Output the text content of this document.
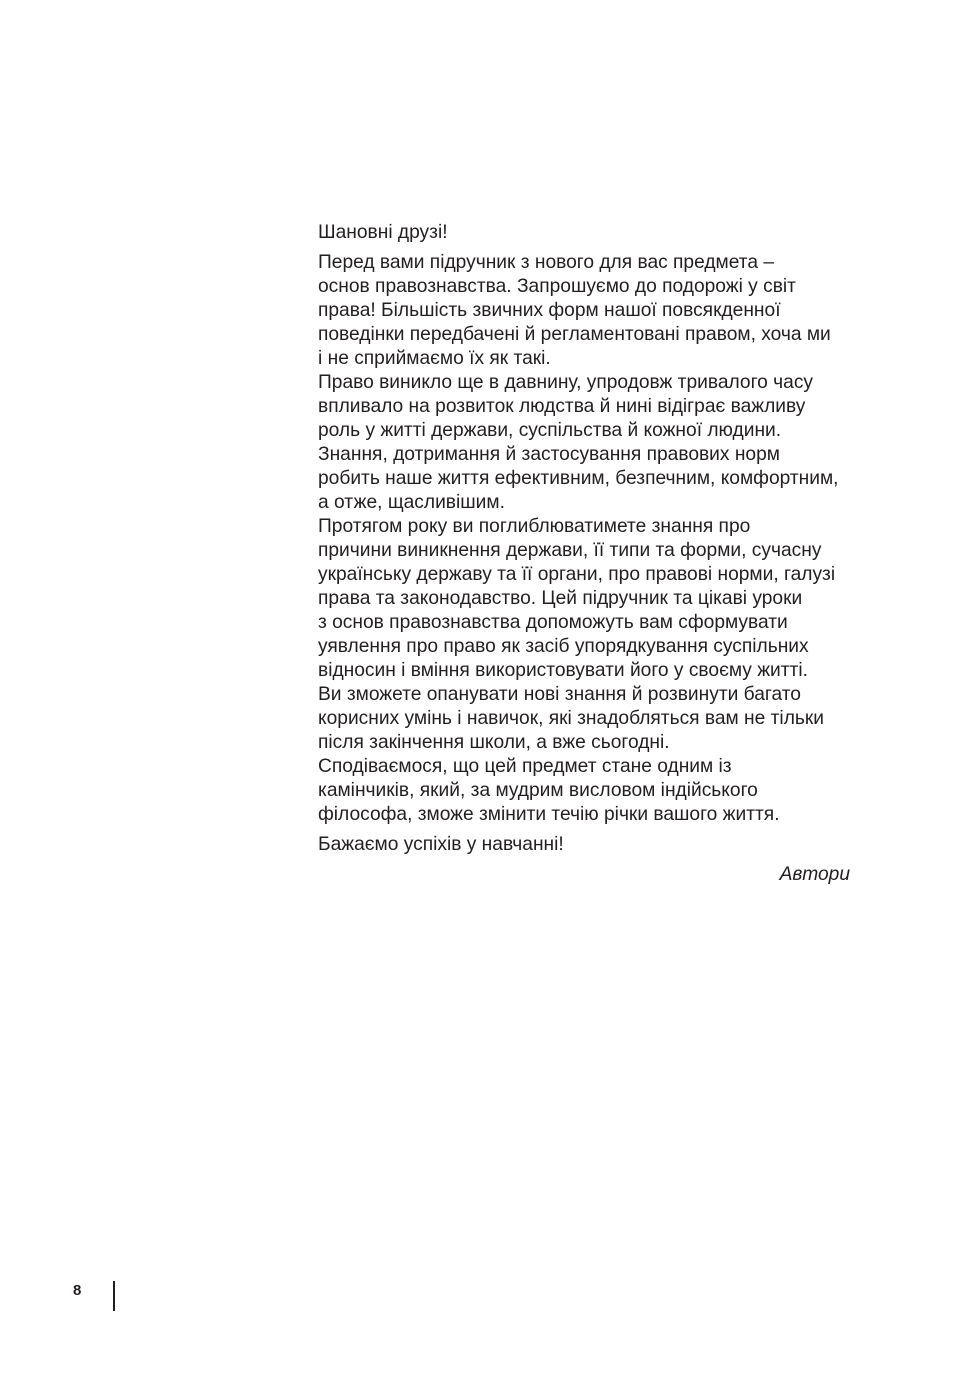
Шановні друзі!

Перед вами підручник з нового для вас предмета –
основ правознавства. Запрошуємо до подорожі у світ
права! Більшість звичних форм нашої повсякденної
поведінки передбачені й регламентовані правом, хоча ми
і не сприймаємо їх як такі.

Право виникло ще в давнину, упродовж тривалого часу
впливало на розвиток людства й нині відіграє важливу
роль у житті держави, суспільства й кожної людини.

Знання, дотримання й застосування правових норм
робить наше життя ефективним, безпечним, комфортним,
а отже, щасливішим.

Протягом року ви поглиблюватимете знання про
причини виникнення держави, її типи та форми, сучасну
українську державу та її органи, про правові норми, галузі
права та законодавство. Цей підручник та цікаві уроки
з основ правознавства допоможуть вам сформувати
уявлення про право як засіб упорядкування суспільних
відносин і вміння використовувати його у своєму житті.
Ви зможете опанувати нові знання й розвинути багато
корисних умінь і навичок, які знадобляться вам не тільки
після закінчення школи, а вже сьогодні.

Сподіваємося, що цей предмет стане одним із
камінчиків, який, за мудрим висловом індійського
філософа, зможе змінити течію річки вашого життя.

Бажаємо успіхів у навчанні!

Автори

8
